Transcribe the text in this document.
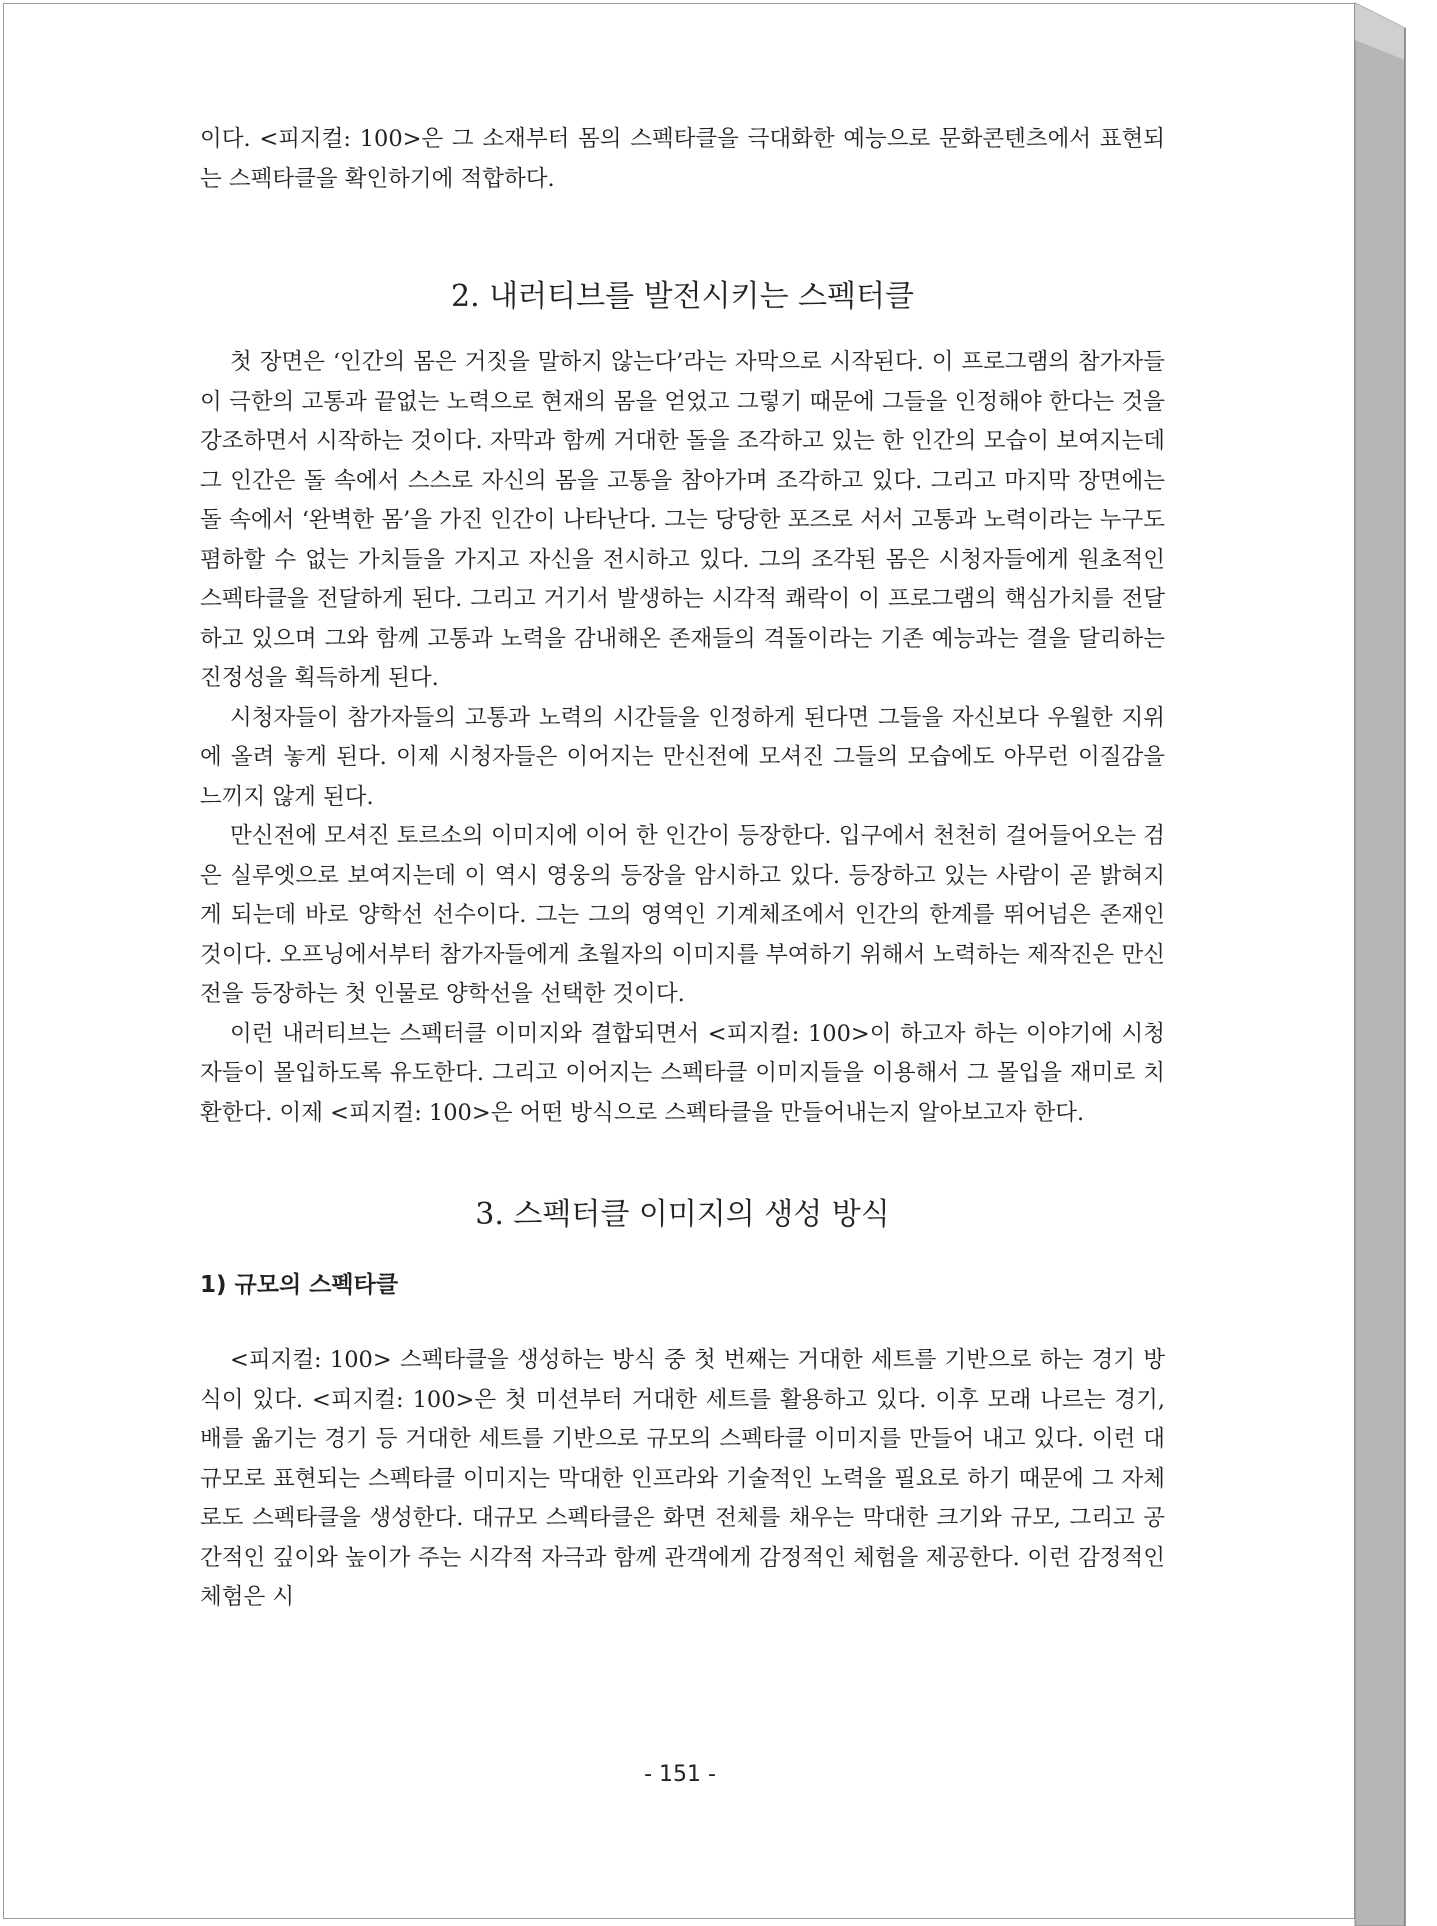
이다. <피지컬: 100>은 그 소재부터 몸의 스펙타클을 극대화한 예능으로 문화콘텐츠에서 표현되는 스펙타클을 확인하기에 적합하다.

2. 내러티브를 발전시키는 스펙터클

첫 장면은 ‘인간의 몸은 거짓을 말하지 않는다’라는 자막으로 시작된다. 이 프로그램의 참가자들이 극한의 고통과 끝없는 노력으로 현재의 몸을 얻었고 그렇기 때문에 그들을 인정해야 한다는 것을 강조하면서 시작하는 것이다. 자막과 함께 거대한 돌을 조각하고 있는 한 인간의 모습이 보여지는데 그 인간은 돌 속에서 스스로 자신의 몸을 고통을 참아가며 조각하고 있다. 그리고 마지막 장면에는 돌 속에서 ‘완벽한 몸’을 가진 인간이 나타난다. 그는 당당한 포즈로 서서 고통과 노력이라는 누구도 폄하할 수 없는 가치들을 가지고 자신을 전시하고 있다. 그의 조각된 몸은 시청자들에게 원초적인 스펙타클을 전달하게 된다. 그리고 거기서 발생하는 시각적 쾌락이 이 프로그램의 핵심가치를 전달하고 있으며 그와 함께 고통과 노력을 감내해온 존재들의 격돌이라는 기존 예능과는 결을 달리하는 진정성을 획득하게 된다.

시청자들이 참가자들의 고통과 노력의 시간들을 인정하게 된다면 그들을 자신보다 우월한 지위에 올려 놓게 된다. 이제 시청자들은 이어지는 만신전에 모셔진 그들의 모습에도 아무런 이질감을 느끼지 않게 된다.

만신전에 모셔진 토르소의 이미지에 이어 한 인간이 등장한다. 입구에서 천천히 걸어들어오는 검은 실루엣으로 보여지는데 이 역시 영웅의 등장을 암시하고 있다. 등장하고 있는 사람이 곧 밝혀지게 되는데 바로 양학선 선수이다. 그는 그의 영역인 기계체조에서 인간의 한계를 뛰어넘은 존재인 것이다. 오프닝에서부터 참가자들에게 초월자의 이미지를 부여하기 위해서 노력하는 제작진은 만신전을 등장하는 첫 인물로 양학선을 선택한 것이다.

이런 내러티브는 스펙터클 이미지와 결합되면서 <피지컬: 100>이 하고자 하는 이야기에 시청자들이 몰입하도록 유도한다. 그리고 이어지는 스펙타클 이미지들을 이용해서 그 몰입을 재미로 치환한다. 이제 <피지컬: 100>은 어떤 방식으로 스펙타클을 만들어내는지 알아보고자 한다.

3. 스펙터클 이미지의 생성 방식
1) 규모의 스펙타클

<피지컬: 100> 스펙타클을 생성하는 방식 중 첫 번째는 거대한 세트를 기반으로 하는 경기 방식이 있다. <피지컬: 100>은 첫 미션부터 거대한 세트를 활용하고 있다. 이후 모래 나르는 경기, 배를 옮기는 경기 등 거대한 세트를 기반으로 규모의 스펙타클 이미지를 만들어 내고 있다. 이런 대규모로 표현되는 스펙타클 이미지는 막대한 인프라와 기술적인 노력을 필요로 하기 때문에 그 자체로도 스펙타클을 생성한다. 대규모 스펙타클은 화면 전체를 채우는 막대한 크기와 규모, 그리고 공간적인 깊이와 높이가 주는 시각적 자극과 함께 관객에게 감정적인 체험을 제공한다. 이런 감정적인 체험은 시

- 151 -
